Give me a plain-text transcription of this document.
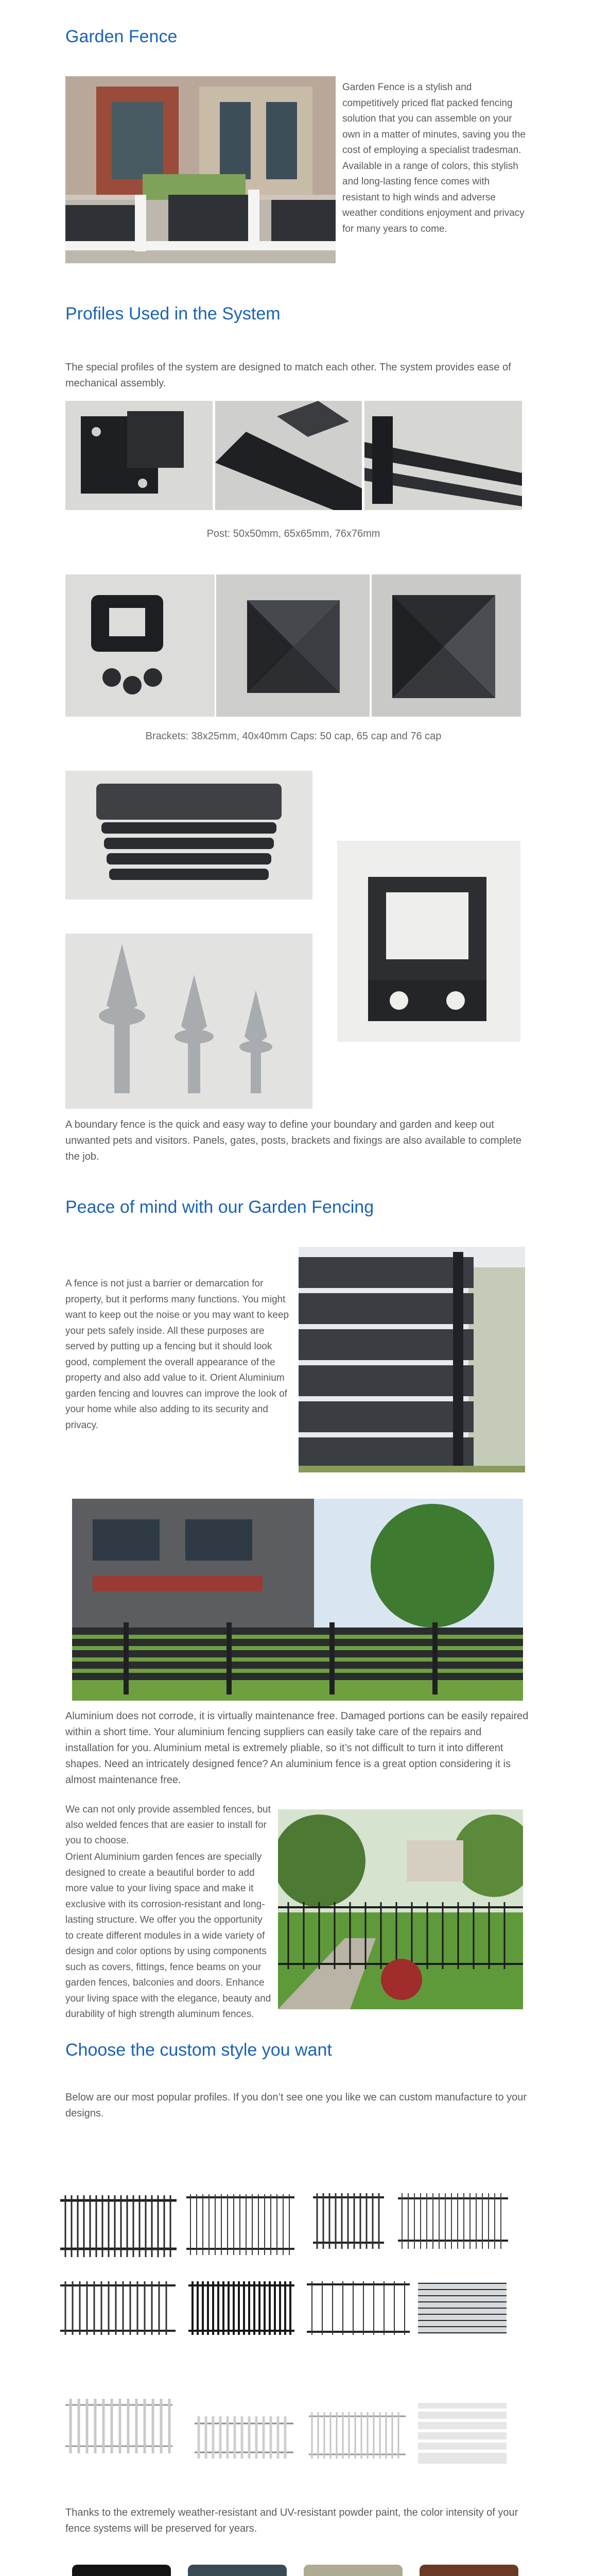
Garden Fence

Garden Fence is a stylish and competitively priced flat packed fencing solution that you can assemble on your own in a matter of minutes, saving you the cost of employing a specialist tradesman. Available in a range of colors, this stylish and long-lasting fence comes with resistant to high winds and adverse weather conditions enjoyment and privacy for many years to come.

Profiles Used in the System

The special profiles of the system are designed to match each other. The system provides ease of mechanical assembly.

Post: 50x50mm, 65x65mm, 76x76mm

Brackets: 38x25mm, 40x40mm Caps: 50 cap, 65 cap and 76 cap

A boundary fence is the quick and easy way to define your boundary and garden and keep out unwanted pets and visitors. Panels, gates, posts, brackets and fixings are also available to complete the job.

Peace of mind with our Garden Fencing

A fence is not just a barrier or demarcation for property, but it performs many functions. You might want to keep out the noise or you may want to keep your pets safely inside. All these purposes are served by putting up a fencing but it should look good, complement the overall appearance of the property and also add value to it. Orient Aluminium garden fencing and louvres can improve the look of your home while also adding to its security and privacy.

Aluminium does not corrode, it is virtually maintenance free. Damaged portions can be easily repaired within a short time. Your aluminium fencing suppliers can easily take care of the repairs and installation for you. Aluminium metal is extremely pliable, so it’s not difficult to turn it into different shapes. Need an intricately designed fence? An aluminium fence is a great option considering it is almost maintenance free.

We can not only provide assembled fences, but also welded fences that are easier to install for you to choose.

Orient Aluminium garden fences are specially designed to create a beautiful border to add more value to your living space and make it exclusive with its corrosion-resistant and long-lasting structure. We offer you the opportunity to create different modules in a wide variety of design and color options by using components such as covers, fittings, fence beams on your garden fences, balconies and doors. Enhance your living space with the elegance, beauty and durability of high strength aluminum fences.

Choose the custom style you want

Below are our most popular profiles. If you don’t see one you like we can custom manufacture to your designs.

Thanks to the extremely weather-resistant and UV-resistant powder paint, the color intensity of your fence systems will be preserved for years.
